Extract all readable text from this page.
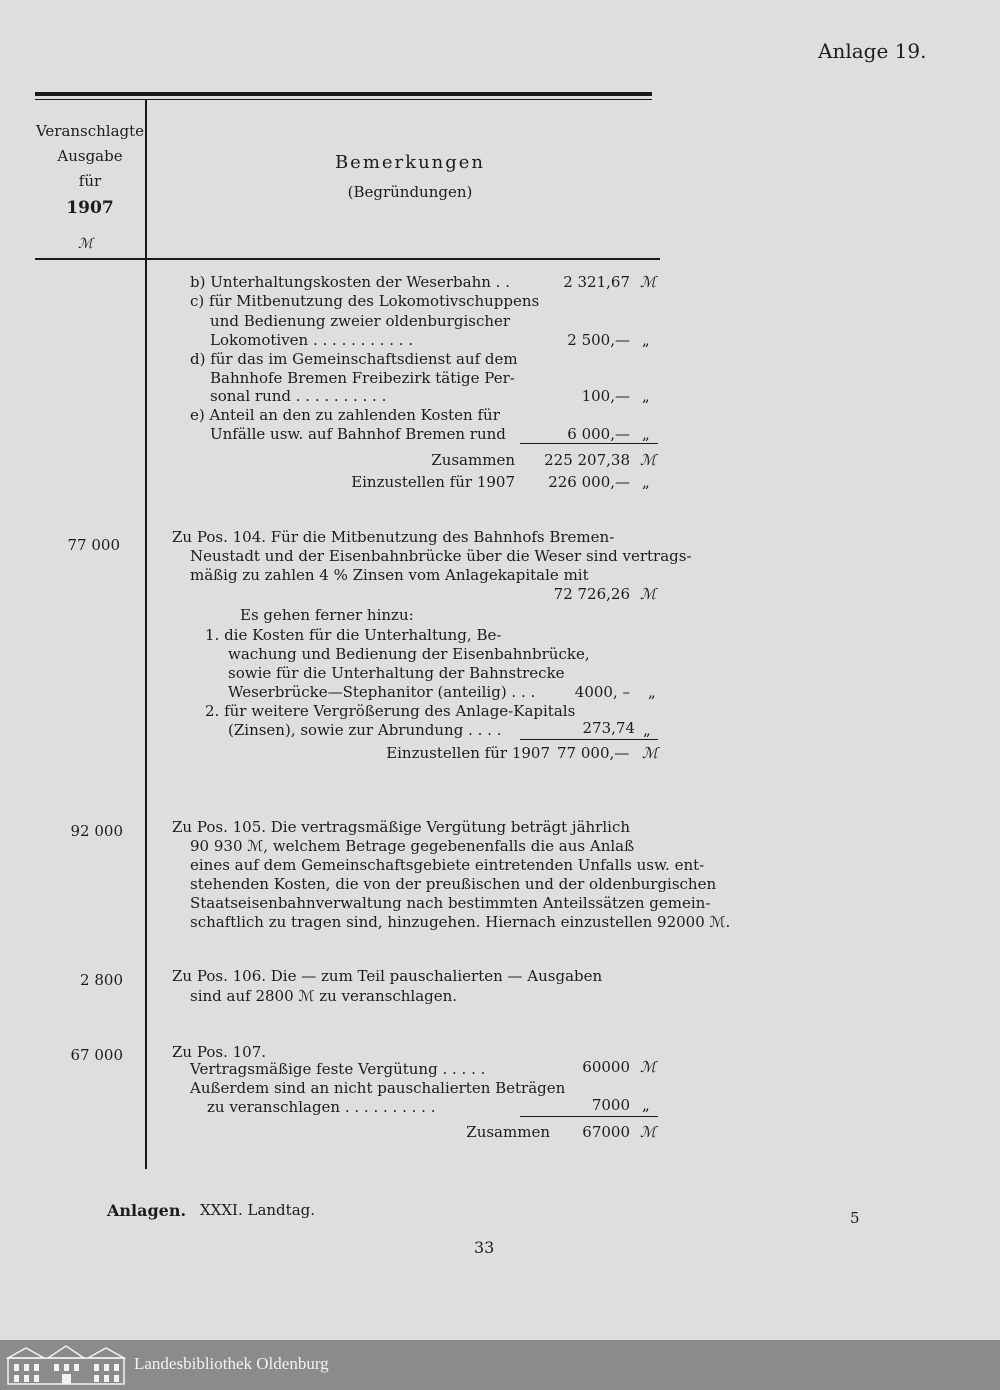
Anlage 19.
Veranschlagte
Ausgabe
für
1907
ℳ
Bemerkungen
(Begründungen)
b) Unterhaltungskosten der Weserbahn . .	2 321,67 ℳ
c) für Mitbenutzung des Lokomotivschuppens
und Bedienung zweier oldenburgischer
Lokomotiven . . . . . . . . . . .	2 500,— „
d) für das im Gemeinschaftsdienst auf dem
Bahnhofe Bremen Freibezirk tätige Per-
sonal rund . . . . . . . . . .	100,— „
e) Anteil an den zu zahlenden Kosten für
Unfälle usw. auf Bahnhof Bremen rund	6 000,— „
Zusammen	225 207,38 ℳ
Einzustellen für 1907	226 000,— „
77 000	Zu Pos. 104. Für die Mitbenutzung des Bahnhofs Bremen-
Neustadt und der Eisenbahnbrücke über die Weser sind vertrags-
mäßig zu zahlen 4 % Zinsen vom Anlagekapitale mit
72 726,26 ℳ
Es gehen ferner hinzu:
1. die Kosten für die Unterhaltung, Be-
wachung und Bedienung der Eisenbahnbrücke,
sowie für die Unterhaltung der Bahnstrecke
Weserbrücke—Stephanitor (anteilig) . . .	4000, – „
2. für weitere Vergrößerung des Anlage-Kapitals
(Zinsen), sowie zur Abrundung . . . .	273,74 „
Einzustellen für 1907 77 000,— ℳ
92 000	Zu Pos. 105. Die vertragsmäßige Vergütung beträgt jährlich
90 930 ℳ, welchem Betrage gegebenenfalls die aus Anlaß
eines auf dem Gemeinschaftsgebiete eintretenden Unfalls usw. ent-
stehenden Kosten, die von der preußischen und der oldenburgischen
Staatseisenbahnverwaltung nach bestimmten Anteilssätzen gemein-
schaftlich zu tragen sind, hinzugehen. Hiernach einzustellen 92000 ℳ.
2 800	Zu Pos. 106. Die — zum Teil pauschalierten — Ausgaben
sind auf 2800 ℳ zu veranschlagen.
67 000	Zu Pos. 107.
Vertragsmäßige feste Vergütung . . . . .	60000 ℳ
Außerdem sind an nicht pauschalierten Beträgen
zu veranschlagen . . . . . . . . . .	7000 „
Zusammen	67000 ℳ
Anlagen. XXXI. Landtag.	5
33
Landesbibliothek Oldenburg
